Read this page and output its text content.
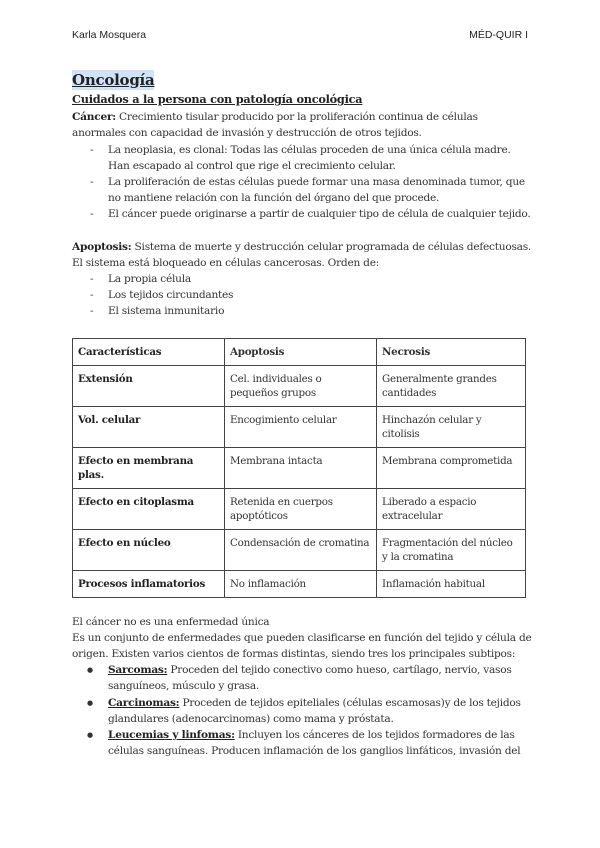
Karla Mosquera	MÉD-QUIR I
Oncología
Cuidados a la persona con patología oncológica
Cáncer: Crecimiento tisular producido por la proliferación continua de células anormales con capacidad de invasión y destrucción de otros tejidos.
- La neoplasia, es clonal: Todas las células proceden de una única célula madre. Han escapado al control que rige el crecimiento celular.
- La proliferación de estas células puede formar una masa denominada tumor, que no mantiene relación con la función del órgano del que procede.
- El cáncer puede originarse a partir de cualquier tipo de célula de cualquier tejido.
Apoptosis: Sistema de muerte y destrucción celular programada de células defectuosas. El sistema está bloqueado en células cancerosas. Orden de:
- La propia célula
- Los tejidos circundantes
- El sistema inmunitario
Características	Apoptosis	Necrosis
Extensión	Cel. individuales o pequeños grupos	Generalmente grandes cantidades
Vol. celular	Encogimiento celular	Hinchazón celular y citolisis
Efecto en membrana plas.	Membrana intacta	Membrana comprometida
Efecto en citoplasma	Retenida en cuerpos apoptóticos	Liberado a espacio extracelular
Efecto en núcleo	Condensación de cromatina	Fragmentación del núcleo y la cromatina
Procesos inflamatorios	No inflamación	Inflamación habitual
El cáncer no es una enfermedad única
Es un conjunto de enfermedades que pueden clasificarse en función del tejido y célula de origen. Existen varios cientos de formas distintas, siendo tres los principales subtipos:
● Sarcomas: Proceden del tejido conectivo como hueso, cartílago, nervio, vasos sanguíneos, músculo y grasa.
● Carcinomas: Proceden de tejidos epiteliales (células escamosas)y de los tejidos glandulares (adenocarcinomas) como mama y próstata.
● Leucemias y linfomas: Incluyen los cánceres de los tejidos formadores de las células sanguíneas. Producen inflamación de los ganglios linfáticos, invasión del
